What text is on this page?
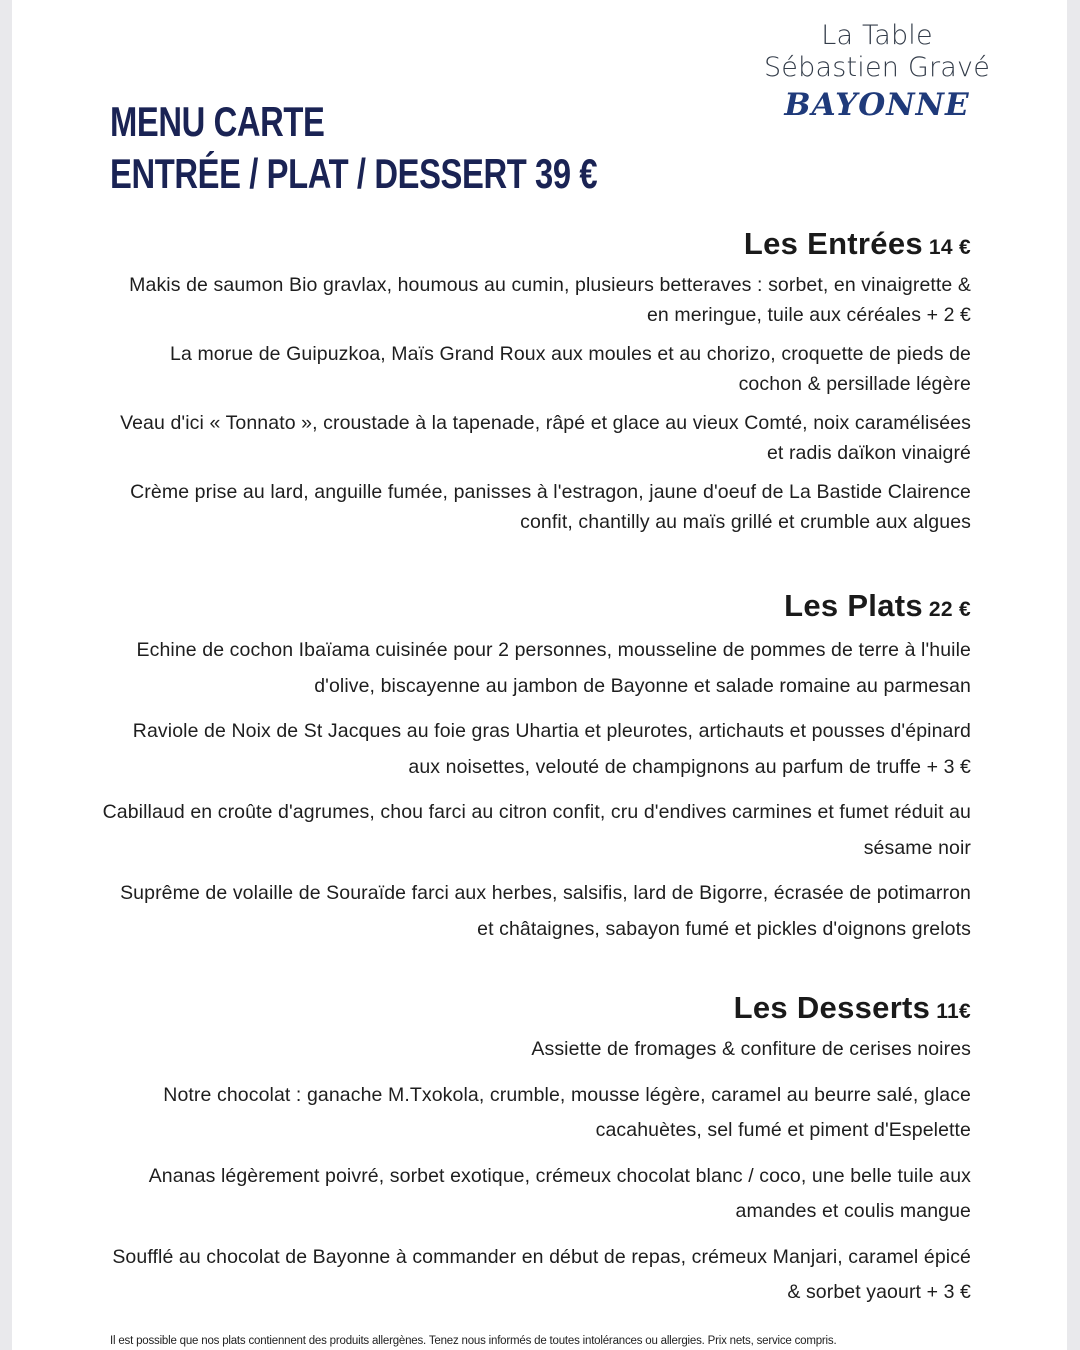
La Table
Sébastien Gravé
BAYONNE
MENU CARTE
ENTRÉE / PLAT / DESSERT 39 €
Les Entrées 14 €
Makis de saumon Bio gravlax, houmous au cumin, plusieurs betteraves : sorbet, en vinaigrette & en meringue, tuile aux céréales + 2 €
La morue de Guipuzkoa, Maïs Grand Roux aux moules et au chorizo, croquette de pieds de cochon & persillade légère
Veau d'ici « Tonnato », croustade à la tapenade, râpé et glace au vieux Comté, noix caramélisées et radis daïkon vinaigré
Crème prise au lard, anguille fumée, panisses à l'estragon, jaune d'oeuf de La Bastide Clairence confit, chantilly au maïs grillé et crumble aux algues
Les Plats 22 €
Echine de cochon Ibaïama cuisinée pour 2 personnes, mousseline de pommes de terre à l'huile d'olive, biscayenne au jambon de Bayonne et salade romaine au parmesan
Raviole de Noix de St Jacques au foie gras Uhartia et pleurotes, artichauts et pousses d'épinard aux noisettes, velouté de champignons au parfum de truffe + 3 €
Cabillaud en croûte d'agrumes, chou farci au citron confit, cru d'endives carmines et fumet réduit au sésame noir
Suprême de volaille de Souraïde farci aux herbes, salsifis, lard de Bigorre, écrasée de potimarron et châtaignes, sabayon fumé et pickles d'oignons grelots
Les Desserts 11€
Assiette de fromages & confiture de cerises noires
Notre chocolat : ganache M.Txokola, crumble, mousse légère, caramel au beurre salé, glace cacahuètes, sel fumé et piment d'Espelette
Ananas légèrement poivré, sorbet exotique, crémeux chocolat blanc / coco, une belle tuile aux amandes et coulis mangue
Soufflé au chocolat de Bayonne à commander en début de repas, crémeux Manjari, caramel épicé & sorbet yaourt + 3 €
Il est possible que nos plats contiennent des produits allergènes. Tenez nous informés de toutes intolérances ou allergies. Prix nets, service compris.
